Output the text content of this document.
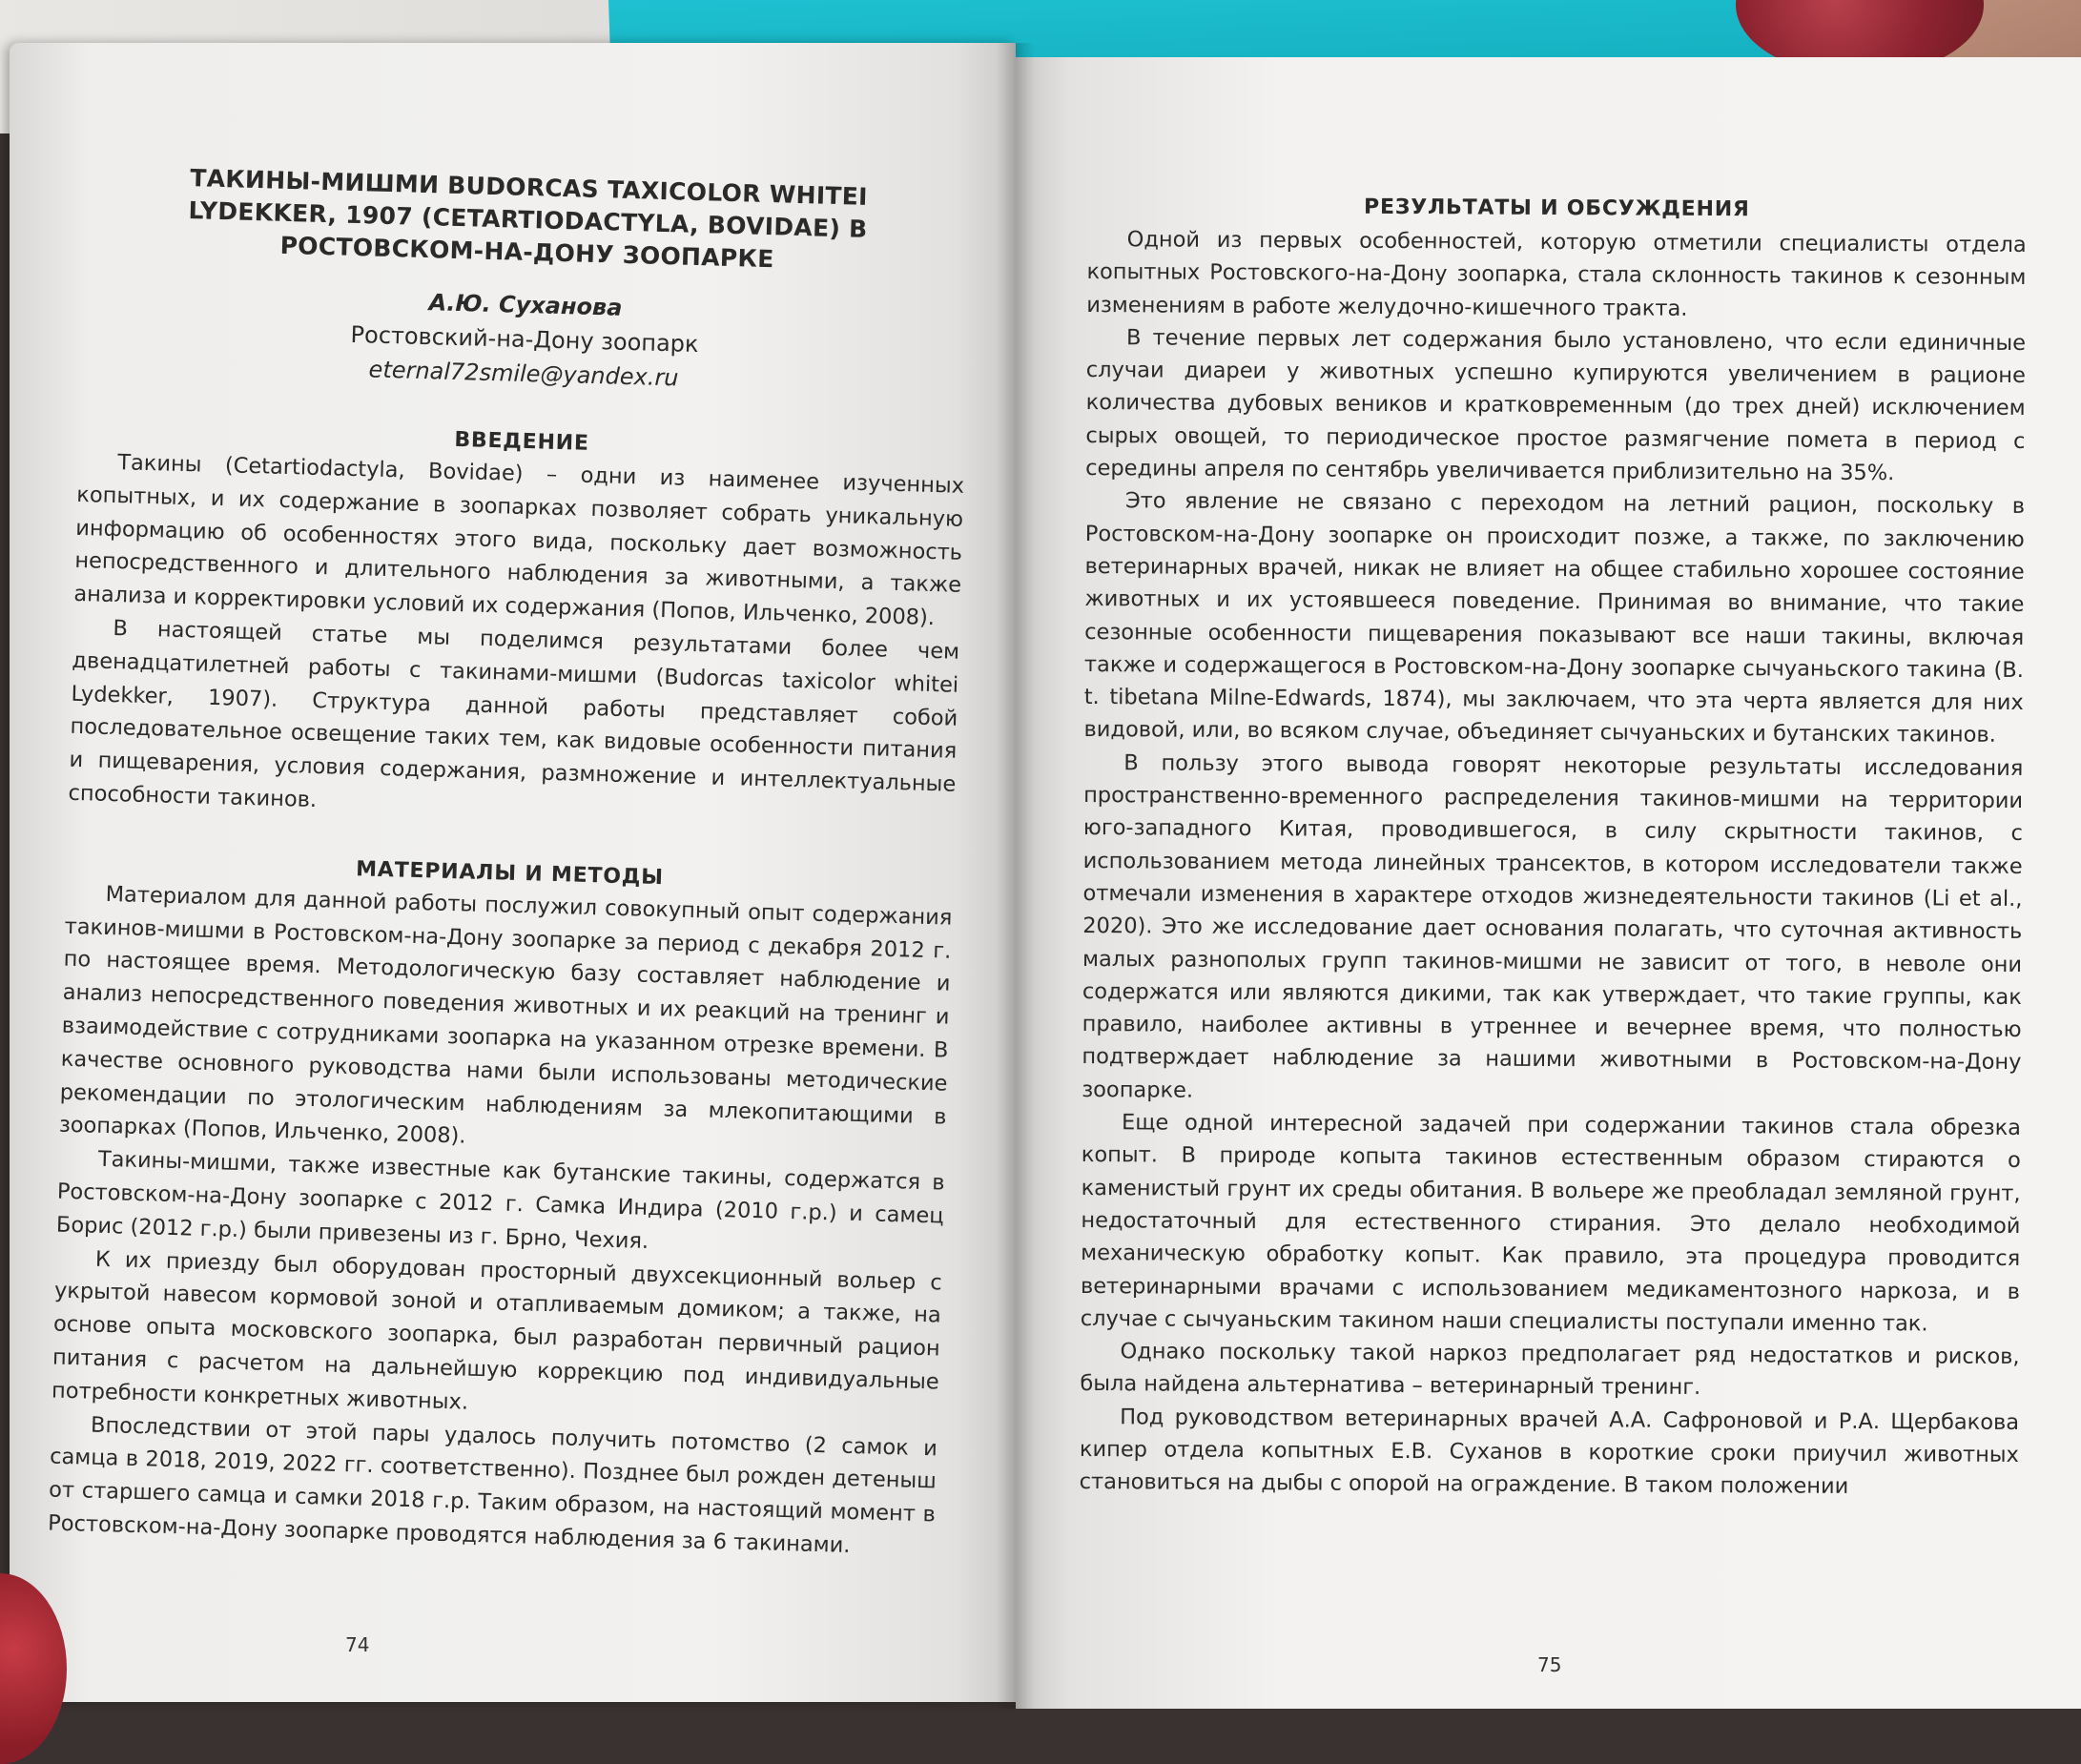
ТАКИНЫ-МИШМИ BUDORCAS TAXICOLOR WHITEI LYDEKKER, 1907 (CETARTIODACTYLA, BOVIDAE) В РОСТОВСКОМ-НА-ДОНУ ЗООПАРКЕ
А.Ю. Суханова
Ростовский-на-Дону зоопарк
eternal72smile@yandex.ru
ВВЕДЕНИЕ

Такины (Cetartiodactyla, Bovidae) – одни из наименее изученных копытных, и их содержание в зоопарках позволяет собрать уникальную информацию об особенностях этого вида, поскольку дает возможность непосредственного и длительного наблюдения за животными, а также анализа и корректировки условий их содержания (Попов, Ильченко, 2008).

В настоящей статье мы поделимся результатами более чем двенадцатилетней работы с такинами-мишми (Budorcas taxicolor whitei Lydekker, 1907). Структура данной работы представляет собой последовательное освещение таких тем, как видовые особенности питания и пищеварения, условия содержания, размножение и интеллектуальные способности такинов.

МАТЕРИАЛЫ И МЕТОДЫ

Материалом для данной работы послужил совокупный опыт содержания такинов-мишми в Ростовском-на-Дону зоопарке за период с декабря 2012 г. по настоящее время. Методологическую базу составляет наблюдение и анализ непосредственного поведения животных и их реакций на тренинг и взаимодействие с сотрудниками зоопарка на указанном отрезке времени. В качестве основного руководства нами были использованы методические рекомендации по этологическим наблюдениям за млекопитающими в зоопарках (Попов, Ильченко, 2008).

Такины-мишми, также известные как бутанские такины, содержатся в Ростовском-на-Дону зоопарке с 2012 г. Самка Индира (2010 г.р.) и самец Борис (2012 г.р.) были привезены из г. Брно, Чехия.

К их приезду был оборудован просторный двухсекционный вольер с укрытой навесом кормовой зоной и отапливаемым домиком; а также, на основе опыта московского зоопарка, был разработан первичный рацион питания с расчетом на дальнейшую коррекцию под индивидуальные потребности конкретных животных.

Впоследствии от этой пары удалось получить потомство (2 самок и самца в 2018, 2019, 2022 гг. соответственно). Позднее был рожден детеныш от старшего самца и самки 2018 г.р. Таким образом, на настоящий момент в Ростовском-на-Дону зоопарке проводятся наблюдения за 6 такинами.

74
РЕЗУЛЬТАТЫ И ОБСУЖДЕНИЯ

Одной из первых особенностей, которую отметили специалисты отдела копытных Ростовского-на-Дону зоопарка, стала склонность такинов к сезонным изменениям в работе желудочно-кишечного тракта.

В течение первых лет содержания было установлено, что если единичные случаи диареи у животных успешно купируются увеличением в рационе количества дубовых веников и кратковременным (до трех дней) исключением сырых овощей, то периодическое простое размягчение помета в период с середины апреля по сентябрь увеличивается приблизительно на 35%.

Это явление не связано с переходом на летний рацион, поскольку в Ростовском-на-Дону зоопарке он происходит позже, а также, по заключению ветеринарных врачей, никак не влияет на общее стабильно хорошее состояние животных и их устоявшееся поведение. Принимая во внимание, что такие сезонные особенности пищеварения показывают все наши такины, включая также и содержащегося в Ростовском-на-Дону зоопарке сычуаньского такина (B. t. tibetana Milne-Edwards, 1874), мы заключаем, что эта черта является для них видовой, или, во всяком случае, объединяет сычуаньских и бутанских такинов.

В пользу этого вывода говорят некоторые результаты исследования пространственно-временного распределения такинов-мишми на территории юго-западного Китая, проводившегося, в силу скрытности такинов, с использованием метода линейных трансектов, в котором исследователи также отмечали изменения в характере отходов жизнедеятельности такинов (Li et al., 2020). Это же исследование дает основания полагать, что суточная активность малых разнополых групп такинов-мишми не зависит от того, в неволе они содержатся или являются дикими, так как утверждает, что такие группы, как правило, наиболее активны в утреннее и вечернее время, что полностью подтверждает наблюдение за нашими животными в Ростовском-на-Дону зоопарке.

Еще одной интересной задачей при содержании такинов стала обрезка копыт. В природе копыта такинов естественным образом стираются о каменистый грунт их среды обитания. В вольере же преобладал земляной грунт, недостаточный для естественного стирания. Это делало необходимой механическую обработку копыт. Как правило, эта процедура проводится ветеринарными врачами с использованием медикаментозного наркоза, и в случае с сычуаньским такином наши специалисты поступали именно так.

Однако поскольку такой наркоз предполагает ряд недостатков и рисков, была найдена альтернатива – ветеринарный тренинг.

Под руководством ветеринарных врачей А.А. Сафроновой и Р.А. Щербакова кипер отдела копытных Е.В. Суханов в короткие сроки приучил животных становиться на дыбы с опорой на ограждение. В таком положении

75
